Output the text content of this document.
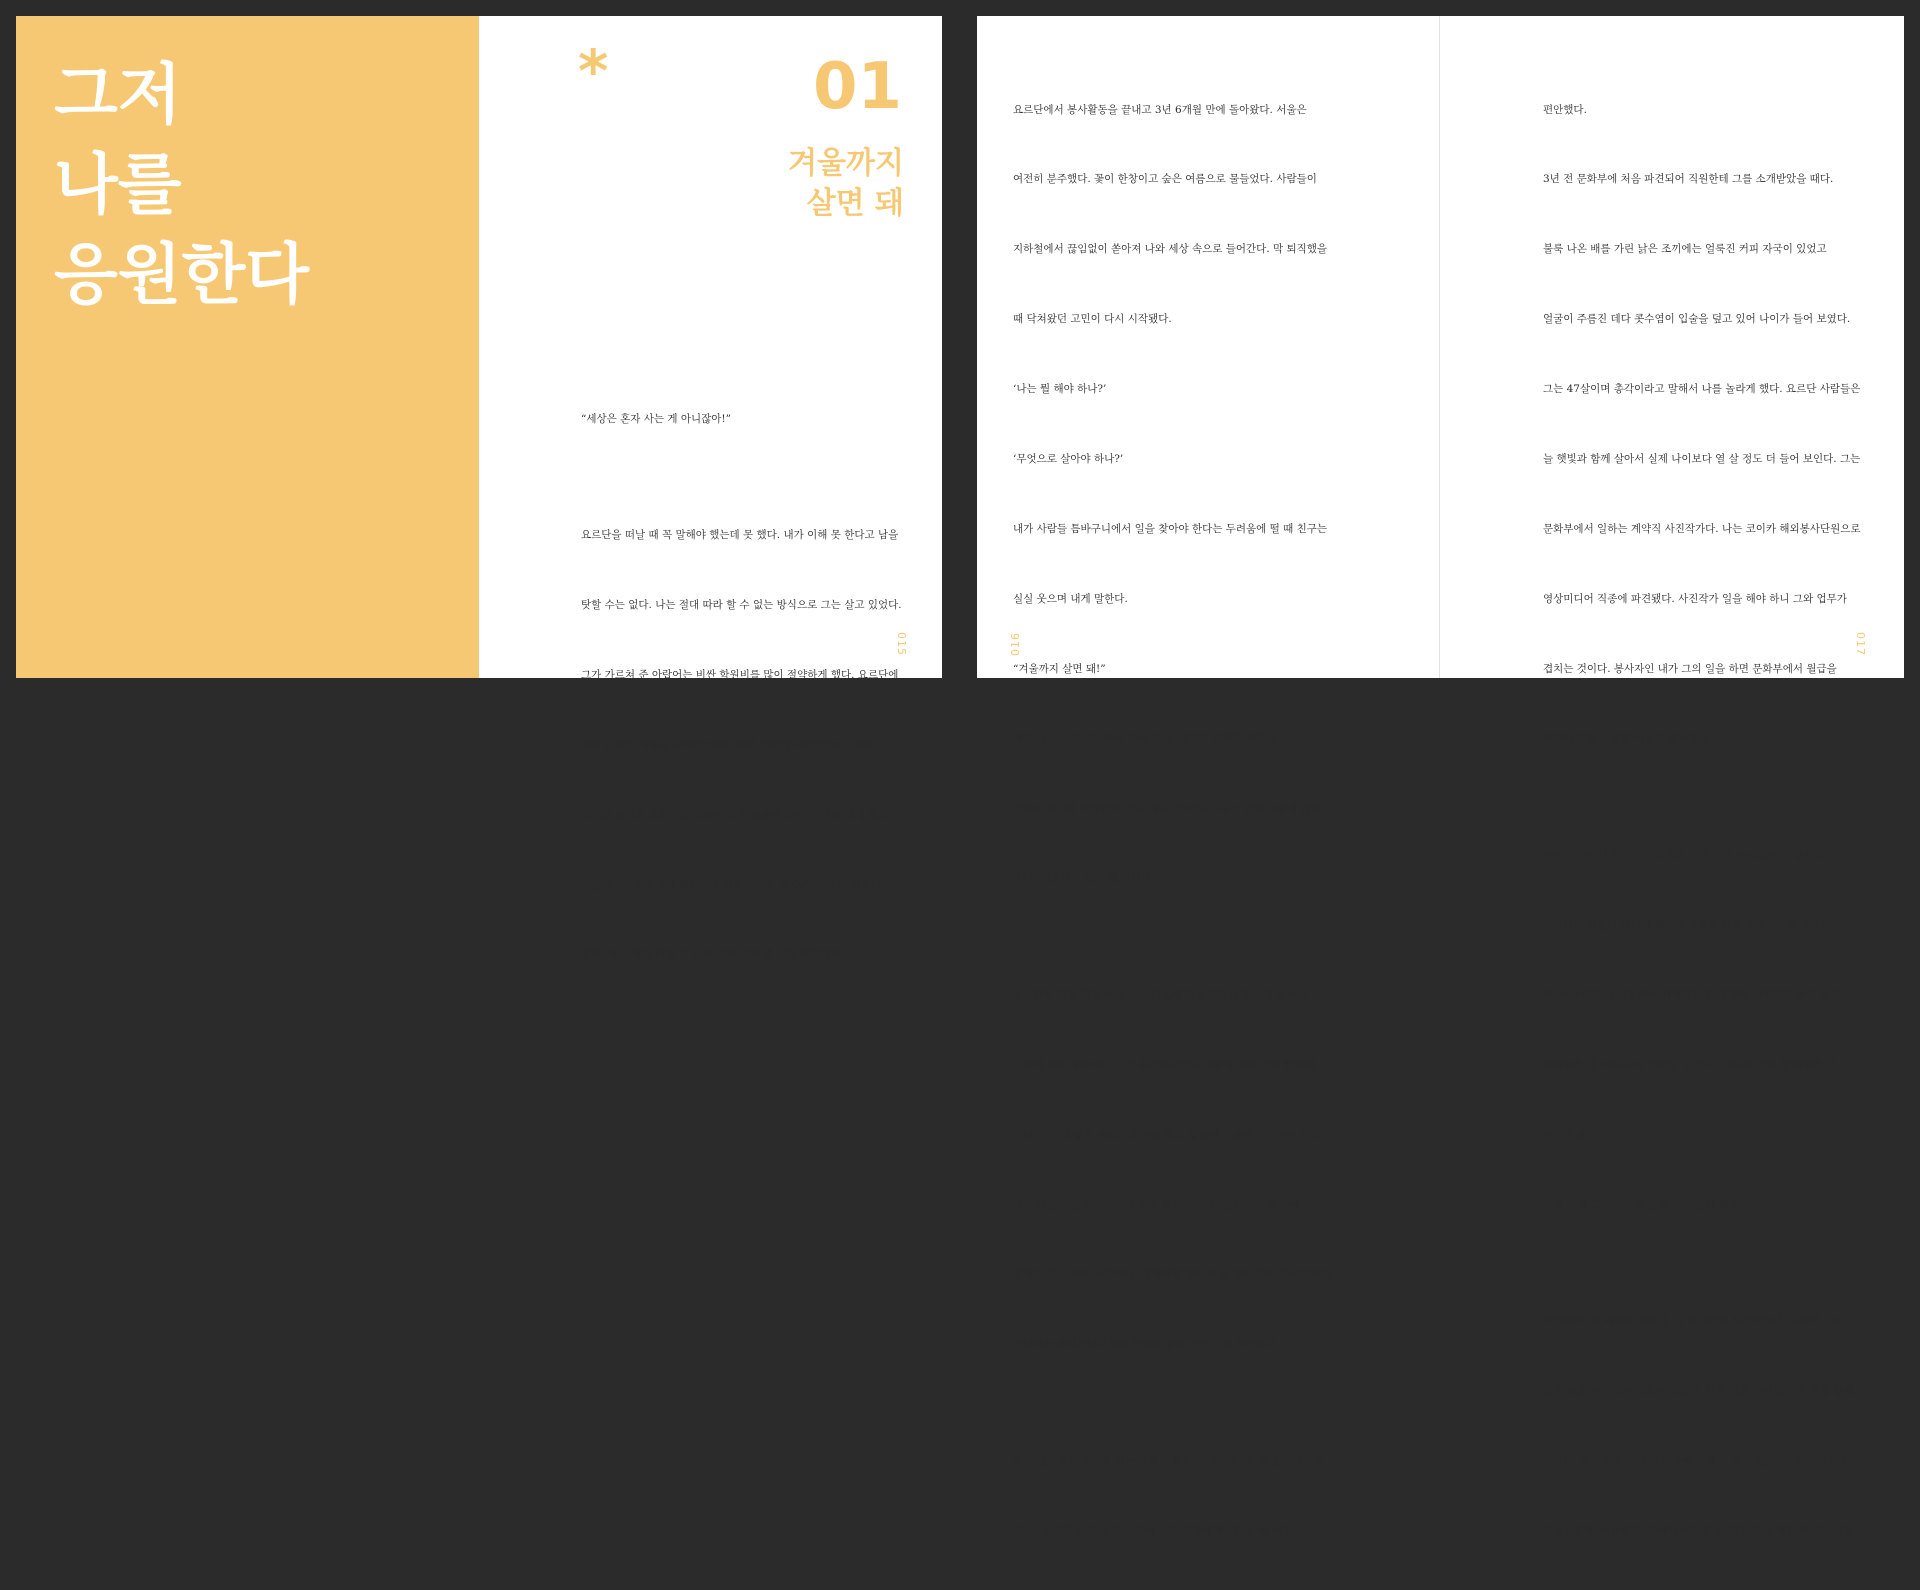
그저
나를
응원한다
*	01
겨울까지
살면 돼

“세상은 혼자 사는 게 아니잖아!”

요르단을 떠날 때 꼭 말해야 했는데 못 했다. 내가 이해 못 한다고 남을

탓할 수는 없다. 나는 절대 따라 할 수 없는 방식으로 그는 살고 있었다.

그가 가르쳐 준 아랍어는 비싼 학원비를 많이 절약하게 했다. 요르단에

와서 문화부 생활을 시작한 이래 3할은 그와의 시간이었다. 이런

친구를 남기고 요르단을 떠나는 것은 쓸쓸한 일이다. 그는 내게 많은

것을 줬다. 특히 그가 편안하게 세상을 사는 모습은 내게 큰 선물이

됐다. 지금 내가 버틸 수 있는 것도 그가 준 선물 때문이다.

015

요르단에서 봉사활동을 끝내고 3년 6개월 만에 돌아왔다. 서울은

여전히 분주했다. 꽃이 한창이고 숲은 여름으로 물들었다. 사람들이

지하철에서 끊임없이 쏟아져 나와 세상 속으로 들어간다. 막 퇴직했을

때 닥쳐왔던 고민이 다시 시작됐다.

‘나는 뭘 해야 하나?’

‘무엇으로 살아야 하나?’

내가 사람들 틈바구니에서 일을 찾아야 한다는 두려움에 떨 때 친구는

실실 웃으며 내게 말한다.

“겨울까지 살면 돼!”

지금 나는 아무것도 하는 일이 없다. 내일도 뻔뻔한 하루다.

일없는 시간과 마주앉아 있을 테니! 그래도 친구가 있어 두렵지 않다.

‘나도 겨울까지 살면 될 테니까’.

요르단은 겨울 한철 비가 오고 다음해 겨울까지 비가 오지 않는다.

사막에 사는 양들이나 길가 올리브나무도 겨울에 내린 비로 한 해를

산다. 친구의 삶도 메마르고 쓸쓸했다. 양들이 겨울을 기다리며 살듯,

그도 다음 겨울을 기다리며 살고 있었다. 그는 술탄 사람들 속에

있지만 혼자 사는 사람이다. 경제관념 없어도 잘 살아간다. 묵묵히 비를

기다리는 올리브나무처럼 단단한 삶을 사는 그런 친구였다.

독립 병정을 떠올리게 하는 그의 이름은 ‘아슈랍프’다. 병정이 제복을

입듯, 늘 똑같은 옷만 입고 다녀 나를 무장해제시켰다. 딱 봐도

016

편안했다.

3년 전 문화부에 처음 파견되어 직원한테 그를 소개받았을 때다.

불룩 나온 배를 가린 낡은 조끼에는 얼룩진 커피 자국이 있었고

얼굴이 주름진 데다 콧수염이 입술을 덮고 있어 나이가 들어 보였다.

그는 47살이며 총각이라고 말해서 나를 놀라게 했다. 요르단 사람들은

늘 햇빛과 함께 살아서 실제 나이보다 열 살 정도 더 들어 보인다. 그는

문화부에서 일하는 계약직 사진작가다. 나는 코이카 해외봉사단원으로

영상미디어 직종에 파견됐다. 사진작가 일을 해야 하니 그와 업무가

겹치는 것이다. 봉사자인 내가 그의 일을 하면 문화부에서 월급을

주면서 그를 고용할 이유가 없어진다.

나는 한국에서 전문 사진작가로 일한 것은 아니었지만, 방송국

출신이고 직종이 미디어 쪽이라 그들은 나를 전문가라고 생각한다.

또 ‘아슈랍프’가 사용하는 카메라보다 내 것이 선명도가 높아 일부

직원들은 내 사진을 더 선호할 수 있다. 그래서 그와 첫 대면은 큰

부담이 됐다.

나로 인해 그가 직장을 잃을 수도 있기 때문이다.

‘아슈랍프’는 괘념치 않았다. 나 혼자만의 생각이었다. 오히려 그는

일을 처음 시작하는 나를 이끌었다. 사진 찍을 일이 있으면 항상 함께

다녔다. 특히 문화부 장관 행사에 함께 간 적이 많았다. 그때마다 나는

조심스럽게 ‘아슈랍프’ 뒤에서 셔터를 눌렀다. 그가 찍은 사진은 다음

017
